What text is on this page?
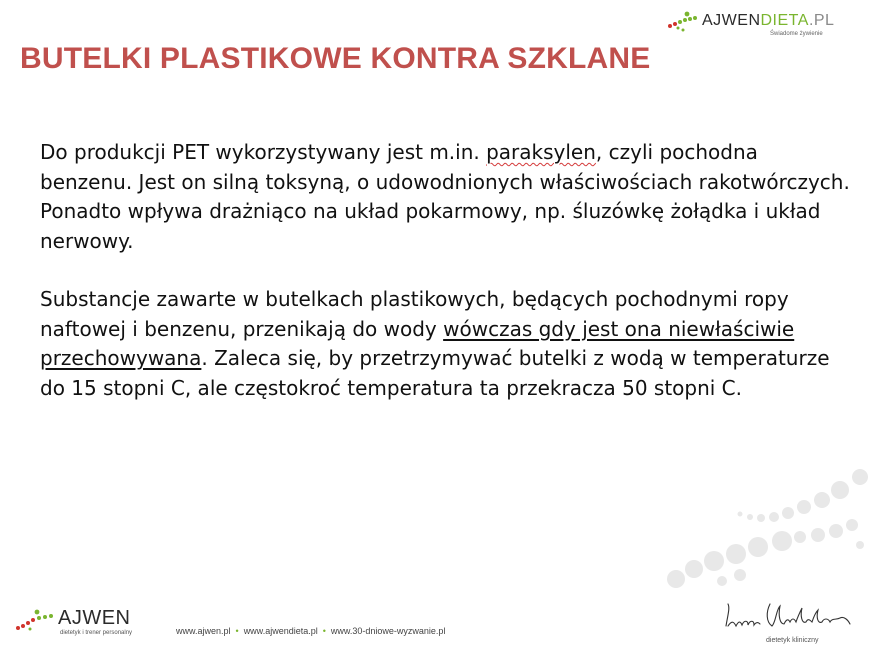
AJWENDIETA.PL
Świadome żywienie
BUTELKI PLASTIKOWE KONTRA SZKLANE

Do produkcji PET wykorzystywany jest m.in. paraksylen, czyli pochodna benzenu. Jest on silną toksyną, o udowodnionych właściwościach rakotwórczych. Ponadto wpływa drażniąco na układ pokarmowy, np. śluzówkę żołądka i układ nerwowy.

Substancje zawarte w butelkach plastikowych, będących pochodnymi ropy naftowej i benzenu, przenikają do wody wówczas gdy jest ona niewłaściwie przechowywana. Zaleca się, by przetrzymywać butelki z wodą w temperaturze do 15 stopni C, ale częstokroć temperatura ta przekracza 50 stopni C.

AJWEN
dietetyk i trener personalny	www.ajwen.pl • www.ajwendieta.pl • www.30-dniowe-wyzwanie.pl
dietetyk kliniczny
